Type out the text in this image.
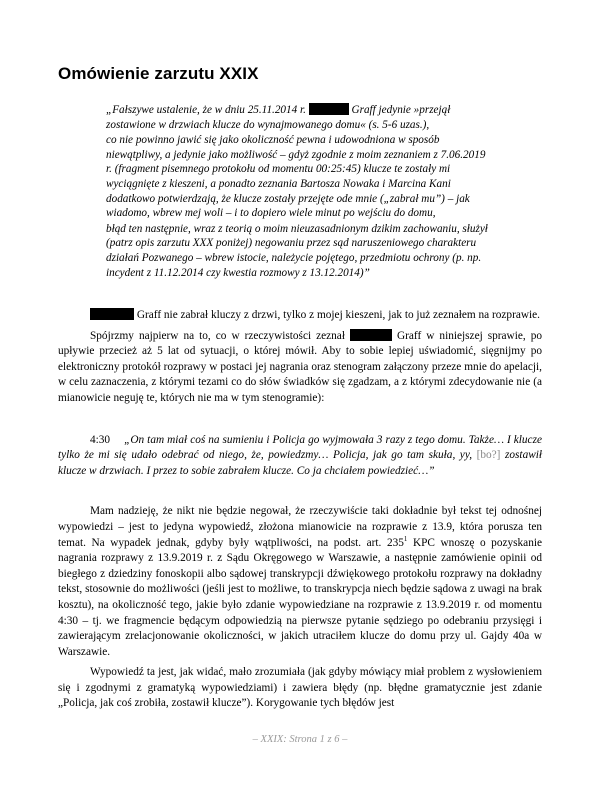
Omówienie zarzutu XXIX

„Fałszywe ustalenie, że w dniu 25.11.2014 r.	Graff jedynie »przejął zostawione w drzwiach klucze do wynajmowanego domu« (s. 5-6 uzas.),

co nie powinno jawić się jako okoliczność pewna i udowodniona w sposób niewątpliwy, a jedynie jako możliwość – gdyż zgodnie z moim zeznaniem z 7.06.2019 r. (fragment pisemnego protokołu od momentu 00:25:45) klucze te zostały mi wyciągnięte z kieszeni, a ponadto zeznania Bartosza Nowaka i Marcina Kani dodatkowo potwierdzają, że klucze zostały przejęte ode mnie („zabrał mu”) – jak wiadomo, wbrew mej woli – i to dopiero wiele minut po wejściu do domu,

błąd ten następnie, wraz z teorią o moim nieuzasadnionym dzikim zachowaniu, służył (patrz opis zarzutu XXX poniżej) negowaniu przez sąd naruszeniowego charakteru działań Pozwanego – wbrew istocie, należycie pojętego, przedmiotu ochrony (p. np. incydent z 11.12.2014 czy kwestia rozmowy z 13.12.2014)”

Graff nie zabrał kluczy z drzwi, tylko z mojej kieszeni, jak to już zeznałem na rozprawie.

Spójrzmy najpierw na to, co w rzeczywistości zeznał	Graff w niniejszej sprawie, po upływie przecież aż 5 lat od sytuacji, o której mówił. Aby to sobie lepiej uświadomić, sięgnijmy po elektroniczny protokół rozprawy w postaci jej nagrania oraz stenogram załączony przeze mnie do apelacji, w celu zaznaczenia, z którymi tezami co do słów świadków się zgadzam, a z którymi zdecydowanie nie (a mianowicie neguję te, których nie ma w tym stenogramie):

4:30 „On tam miał coś na sumieniu i Policja go wyjmowała 3 razy z tego domu. Także… I klucze tylko że mi się udało odebrać od niego, że, powiedzmy… Policja, jak go tam skuła, yy, [bo?] zostawił klucze w drzwiach. I przez to sobie zabrałem klucze. Co ja chciałem powiedzieć…”

Mam nadzieję, że nikt nie będzie negował, że rzeczywiście taki dokładnie był tekst tej odnośnej wypowiedzi – jest to jedyna wypowiedź, złożona mianowicie na rozprawie z 13.9, która porusza ten temat. Na wypadek jednak, gdyby były wątpliwości, na podst. art. $235^1$ KPC wnoszę o pozyskanie nagrania rozprawy z 13.9.2019 r. z Sądu Okręgowego w Warszawie, a następnie zamówienie opinii od biegłego z dziedziny fonoskopii albo sądowej transkrypcji dźwiękowego protokołu rozprawy na dokładny tekst, stosownie do możliwości (jeśli jest to możliwe, to transkrypcja niech będzie sądowa z uwagi na brak kosztu), na okoliczność tego, jakie było zdanie wypowiedziane na rozprawie z 13.9.2019 r. od momentu 4:30 – tj. we fragmencie będącym odpowiedzią na pierwsze pytanie sędziego po odebraniu przysięgi i zawierającym zrelacjonowanie okoliczności, w jakich utraciłem klucze do domu przy ul. Gajdy 40a w Warszawie.

Wypowiedź ta jest, jak widać, mało zrozumiała (jak gdyby mówiący miał problem z wysłowieniem się i zgodnymi z gramatyką wypowiedziami) i zawiera błędy (np. błędne gramatycznie jest zdanie „Policja, jak coś zrobiła, zostawił klucze”). Korygowanie tych błędów jest

– XXIX: Strona 1 z 6 –
